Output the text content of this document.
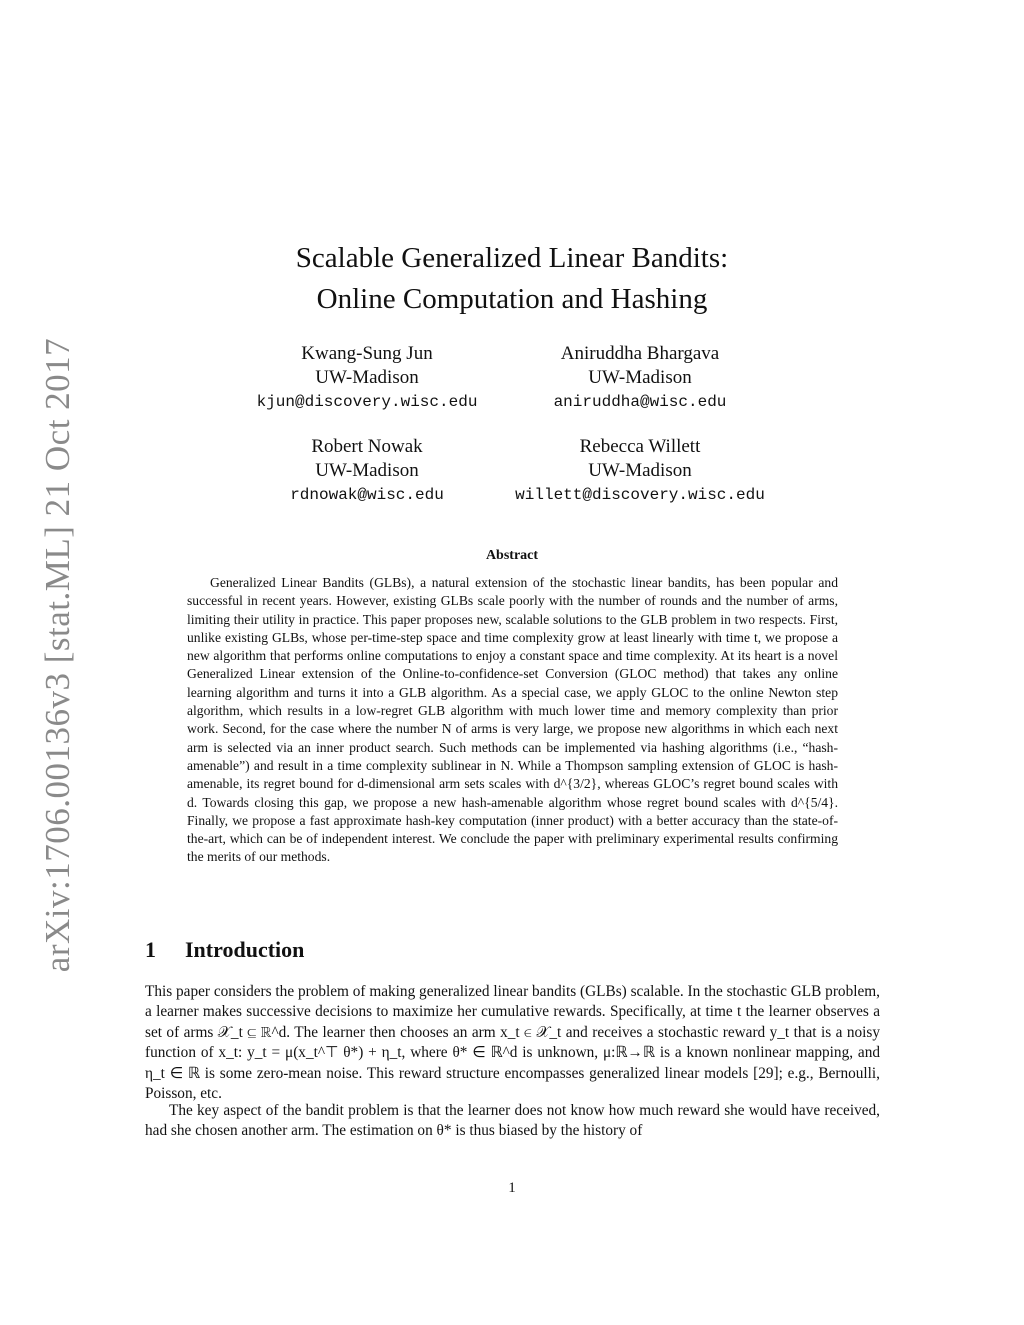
arXiv:1706.00136v3 [stat.ML] 21 Oct 2017
Scalable Generalized Linear Bandits:
Online Computation and Hashing
Kwang-Sung Jun
UW-Madison
kjun@discovery.wisc.edu
Aniruddha Bhargava
UW-Madison
aniruddha@wisc.edu
Robert Nowak
UW-Madison
rdnowak@wisc.edu
Rebecca Willett
UW-Madison
willett@discovery.wisc.edu
Abstract

Generalized Linear Bandits (GLBs), a natural extension of the stochastic linear bandits, has been popular and successful in recent years. However, existing GLBs scale poorly with the number of rounds and the number of arms, limiting their utility in practice. This paper proposes new, scalable solutions to the GLB problem in two respects. First, unlike existing GLBs, whose per-time-step space and time complexity grow at least linearly with time t, we propose a new algorithm that performs online computations to enjoy a constant space and time complexity. At its heart is a novel Generalized Linear extension of the Online-to-confidence-set Conversion (GLOC method) that takes any online learning algorithm and turns it into a GLB algorithm. As a special case, we apply GLOC to the online Newton step algorithm, which results in a low-regret GLB algorithm with much lower time and memory complexity than prior work. Second, for the case where the number N of arms is very large, we propose new algorithms in which each next arm is selected via an inner product search. Such methods can be implemented via hashing algorithms (i.e., “hash-amenable”) and result in a time complexity sublinear in N. While a Thompson sampling extension of GLOC is hash-amenable, its regret bound for d-dimensional arm sets scales with d^{3/2}, whereas GLOC’s regret bound scales with d. Towards closing this gap, we propose a new hash-amenable algorithm whose regret bound scales with d^{5/4}. Finally, we propose a fast approximate hash-key computation (inner product) with a better accuracy than the state-of-the-art, which can be of independent interest. We conclude the paper with preliminary experimental results confirming the merits of our methods.

1 Introduction

This paper considers the problem of making generalized linear bandits (GLBs) scalable. In the stochastic GLB problem, a learner makes successive decisions to maximize her cumulative rewards. Specifically, at time t the learner observes a set of arms 𝒳_t ⊆ ℝ^d. The learner then chooses an arm x_t ∈ 𝒳_t and receives a stochastic reward y_t that is a noisy function of x_t: y_t = μ(x_t^⊤ θ*) + η_t, where θ* ∈ ℝ^d is unknown, μ:ℝ→ℝ is a known nonlinear mapping, and η_t ∈ ℝ is some zero-mean noise. This reward structure encompasses generalized linear models [29]; e.g., Bernoulli, Poisson, etc.

The key aspect of the bandit problem is that the learner does not know how much reward she would have received, had she chosen another arm. The estimation on θ* is thus biased by the history of

1
